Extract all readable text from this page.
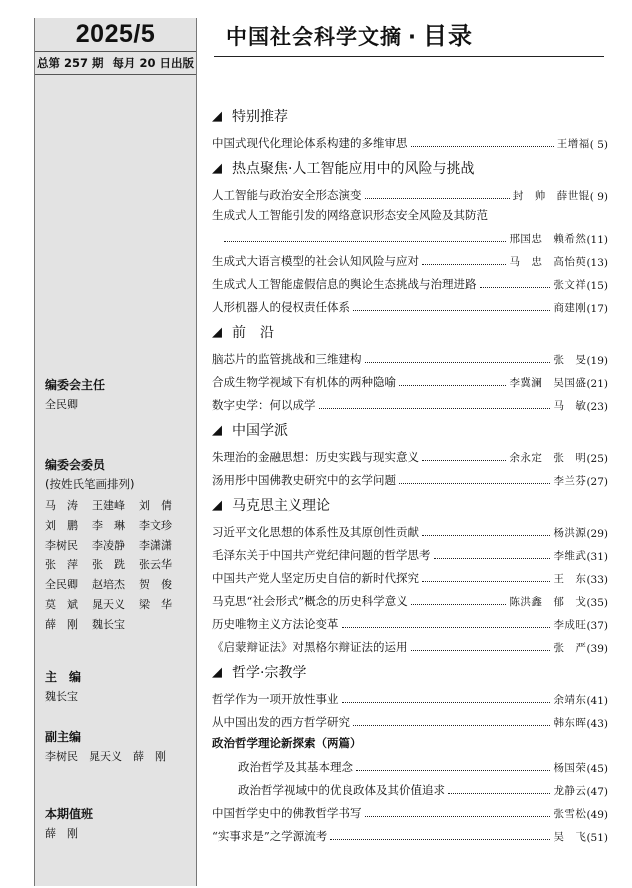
2025/5
总第 257 期 每月 20 日出版
编委会主任
全民卿
编委会委员
(按姓氏笔画排列)
马　涛 王建峰 刘　倩
刘　鹏 李　琳 李文珍
李树民 李凌静 李潇潇
张　萍 张　跣 张云华
全民卿 赵培杰 贺　俊
莫　斌 晁天义 梁　华
薛　刚 魏长宝
主　编
魏长宝
副主编
李树民　晁天义　薛　刚
本期值班
薛　刚
中国社会科学文摘 · 目录
◢ 特别推荐
中国式现代化理论体系构建的多维审思	王增福 ( 5)
◢ 热点聚焦·人工智能应用中的风险与挑战
人工智能与政治安全形态演变	封　帅　薛世锟 ( 9)
生成式人工智能引发的网络意识形态安全风险及其防范
邢国忠　赖希然 (11)
生成式大语言模型的社会认知风险与应对	马　忠　高怡萸 (13)
生成式人工智能虚假信息的舆论生态挑战与治理进路	张文祥 (15)
人形机器人的侵权责任体系	商建刚 (17)
◢ 前　沿
脑芯片的监管挑战和三维建构	张　旻 (19)
合成生物学视域下有机体的两种隐喻	李冀澜　吴国盛 (21)
数字史学：何以成学	马　敏 (23)
◢ 中国学派
朱理治的金融思想：历史实践与现实意义	余永定　张　明 (25)
汤用彤中国佛教史研究中的玄学问题	李兰芬 (27)
◢ 马克思主义理论
习近平文化思想的体系性及其原创性贡献	杨洪源 (29)
毛泽东关于中国共产党纪律问题的哲学思考	李维武 (31)
中国共产党人坚定历史自信的新时代探究	王　东 (33)
马克思“社会形式”概念的历史科学意义	陈洪鑫　郁　戈 (35)
历史唯物主义方法论变革	李成旺 (37)
《启蒙辩证法》对黑格尔辩证法的运用	张　严 (39)
◢ 哲学·宗教学
哲学作为一项开放性事业	余靖东 (41)
从中国出发的西方哲学研究	韩东晖 (43)
政治哲学理论新探索（两篇）
政治哲学及其基本理念	杨国荣 (45)
政治哲学视域中的优良政体及其价值追求	龙静云 (47)
中国哲学史中的佛教哲学书写	张雪松 (49)
“实事求是”之学源流考	吴　飞 (51)
